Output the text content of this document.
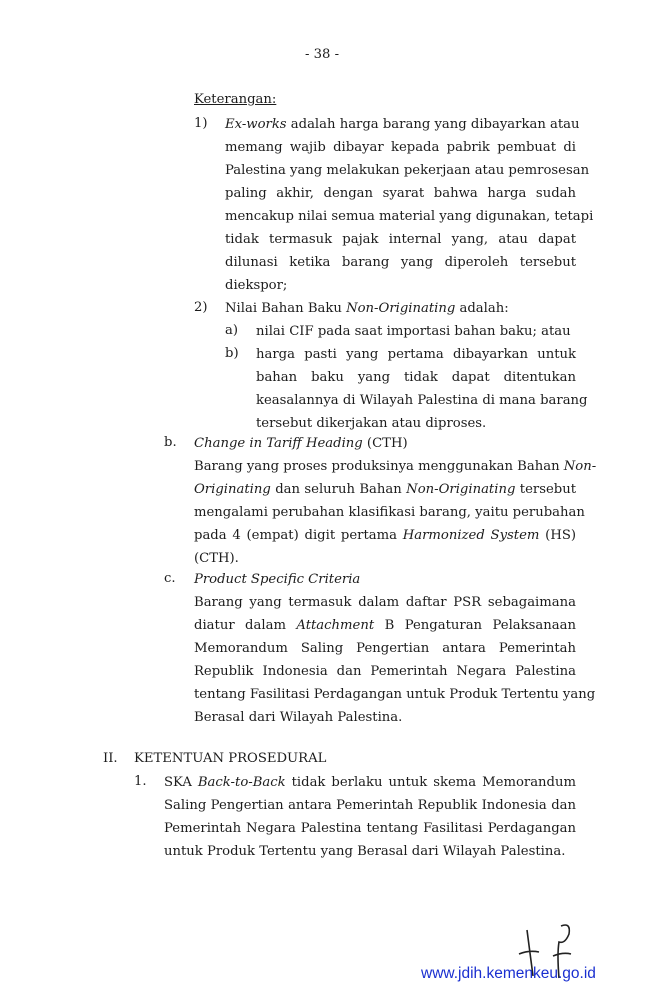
- 38 -
Keterangan:
1) Ex-works adalah harga barang yang dibayarkan atau
memang wajib dibayar kepada pabrik pembuat di
Palestina yang melakukan pekerjaan atau pemrosesan
paling akhir, dengan syarat bahwa harga sudah
mencakup nilai semua material yang digunakan, tetapi
tidak termasuk pajak internal yang, atau dapat
dilunasi ketika barang yang diperoleh tersebut
diekspor;
2) Nilai Bahan Baku Non-Originating adalah:
a) nilai CIF pada saat importasi bahan baku; atau
b) harga pasti yang pertama dibayarkan untuk
bahan baku yang tidak dapat ditentukan
keasalannya di Wilayah Palestina di mana barang
tersebut dikerjakan atau diproses.
b. Change in Tariff Heading (CTH)
Barang yang proses produksinya menggunakan Bahan Non-
Originating dan seluruh Bahan Non-Originating tersebut
mengalami perubahan klasifikasi barang, yaitu perubahan
pada 4 (empat) digit pertama Harmonized System (HS)
(CTH).
c. Product Specific Criteria
Barang yang termasuk dalam daftar PSR sebagaimana
diatur dalam Attachment B Pengaturan Pelaksanaan
Memorandum Saling Pengertian antara Pemerintah
Republik Indonesia dan Pemerintah Negara Palestina
tentang Fasilitasi Perdagangan untuk Produk Tertentu yang
Berasal dari Wilayah Palestina.
II. KETENTUAN PROSEDURAL
1. SKA Back-to-Back tidak berlaku untuk skema Memorandum
Saling Pengertian antara Pemerintah Republik Indonesia dan
Pemerintah Negara Palestina tentang Fasilitasi Perdagangan
untuk Produk Tertentu yang Berasal dari Wilayah Palestina.
www.jdih.kemenkeu.go.id
